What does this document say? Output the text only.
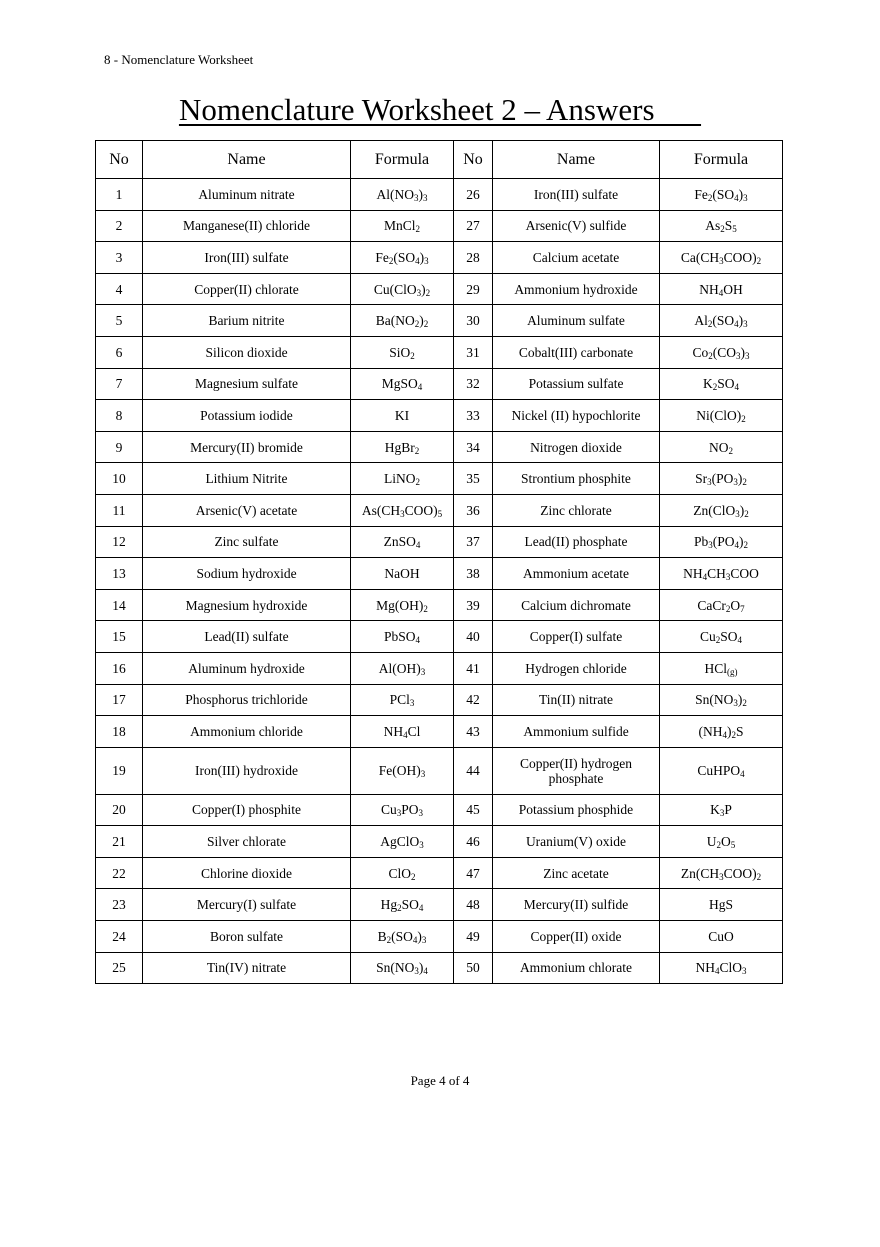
8 - Nomenclature Worksheet
Nomenclature Worksheet 2 – Answers
No	Name	Formula	No	Name	Formula
1	Aluminum nitrate	$Al(NO_3)_3$	26	Iron(III) sulfate	$Fe_2(SO_4)_3$
2	Manganese(II) chloride	MnCl$_2$	27	Arsenic(V) sulfide	$As_2S_5$
3	Iron(III) sulfate	$Fe_2(SO_4)_3$	28	Calcium acetate	$Ca(CH_3COO)_2$
4	Copper(II) chlorate	$Cu(ClO_3)_2$	29	Ammonium hydroxide	$NH_4OH$
5	Barium nitrite	$Ba(NO_2)_2$	30	Aluminum sulfate	$Al_2(SO_4)_3$
6	Silicon dioxide	SiO$_2$	31	Cobalt(III) carbonate	$Co_2(CO_3)_3$
7	Magnesium sulfate	MgSO$_4$	32	Potassium sulfate	$K_2SO_4$
8	Potassium iodide	KI	33	Nickel (II) hypochlorite	$Ni(ClO)_2$
9	Mercury(II) bromide	HgBr$_2$	34	Nitrogen dioxide	$NO_2$
10	Lithium Nitrite	LiNO$_2$	35	Strontium phosphite	$Sr_3(PO_3)_2$
11	Arsenic(V) acetate	$As(CH_3COO)_5$	36	Zinc chlorate	$Zn(ClO_3)_2$
12	Zinc sulfate	ZnSO$_4$	37	Lead(II) phosphate	$Pb_3(PO_4)_2$
13	Sodium hydroxide	NaOH	38	Ammonium acetate	$NH_4CH_3COO$
14	Magnesium hydroxide	$Mg(OH)_2$	39	Calcium dichromate	$CaCr_2O_7$
15	Lead(II) sulfate	PbSO$_4$	40	Copper(I) sulfate	$Cu_2SO_4$
16	Aluminum hydroxide	$Al(OH)_3$	41	Hydrogen chloride	HCl$_{(g)}$
17	Phosphorus trichloride	PCl$_3$	42	Tin(II) nitrate	$Sn(NO_3)_2$
18	Ammonium chloride	$NH_4Cl$	43	Ammonium sulfide	$(NH_4)_2S$
19	Iron(III) hydroxide	$Fe(OH)_3$	44	Copper(II) hydrogen phosphate	CuHPO$_4$
20	Copper(I) phosphite	$Cu_3PO_3$	45	Potassium phosphide	$K_3P$
21	Silver chlorate	AgClO$_3$	46	Uranium(V) oxide	$U_2O_5$
22	Chlorine dioxide	ClO$_2$	47	Zinc acetate	$Zn(CH_3COO)_2$
23	Mercury(I) sulfate	$Hg_2SO_4$	48	Mercury(II) sulfide	HgS
24	Boron sulfate	$B_2(SO_4)_3$	49	Copper(II) oxide	CuO
25	Tin(IV) nitrate	$Sn(NO_3)_4$	50	Ammonium chlorate	$NH_4ClO_3$
Page 4 of 4
